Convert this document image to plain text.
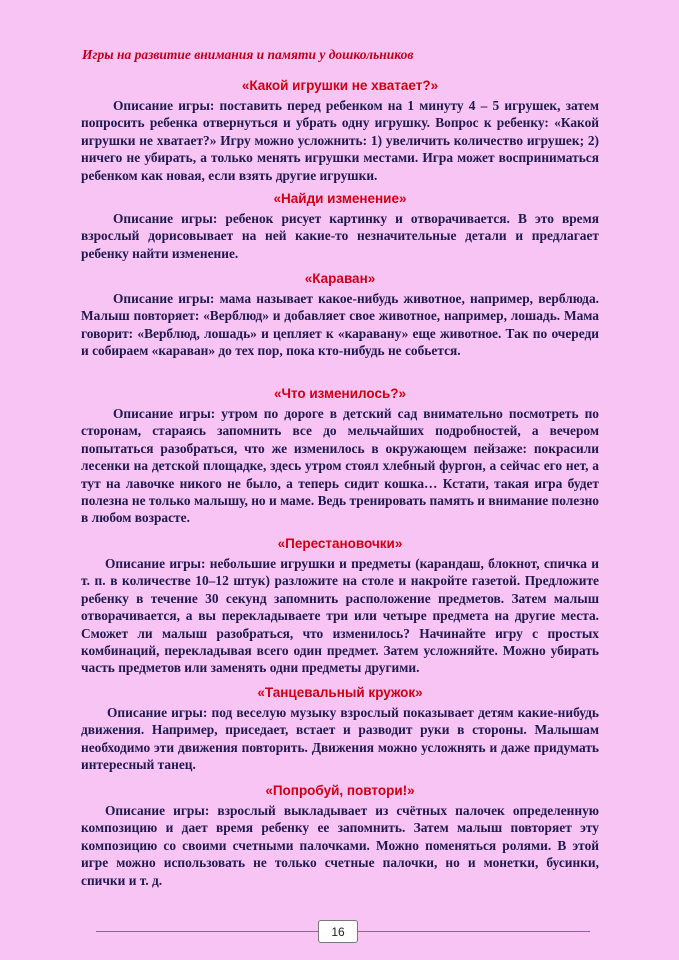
Игры на развитие внимания и памяти у дошкольников
«Какой игрушки не хватает?»

Описание игры: поставить перед ребенком на 1 минуту 4 – 5 игрушек, затем попросить ребенка отвернуться и убрать одну игрушку. Вопрос к ребенку: «Какой игрушки не хватает?» Игру можно усложнить: 1) увеличить количество игрушек; 2) ничего не убирать, а только менять игрушки местами. Игра может восприниматься ребенком как новая, если взять другие игрушки.

«Найди изменение»

Описание игры: ребенок рисует картинку и отворачивается. В это время взрослый дорисовывает на ней какие-то незначительные детали и предлагает ребенку найти изменение.

«Караван»

Описание игры: мама называет какое-нибудь животное, например, верблюда. Малыш повторяет: «Верблюд» и добавляет свое животное, например, лошадь. Мама говорит: «Верблюд, лошадь» и цепляет к «каравану» еще животное. Так по очереди и собираем «караван» до тех пор, пока кто-нибудь не собьется.

«Что изменилось?»

Описание игры: утром по дороге в детский сад внимательно посмотреть по сторонам, стараясь запомнить все до мельчайших подробностей, а вечером попытаться разобраться, что же изменилось в окружающем пейзаже: покрасили лесенки на детской площадке, здесь утром стоял хлебный фургон, а сейчас его нет, а тут на лавочке никого не было, а теперь сидит кошка… Кстати, такая игра будет полезна не только малышу, но и маме. Ведь тренировать память и внимание полезно в любом возрасте.

«Перестановочки»

Описание игры: небольшие игрушки и предметы (карандаш, блокнот, спичка и т. п. в количестве 10–12 штук) разложите на столе и накройте газетой. Предложите ребенку в течение 30 секунд запомнить расположение предметов. Затем малыш отворачивается, а вы перекладываете три или четыре предмета на другие места. Сможет ли малыш разобраться, что изменилось? Начинайте игру с простых комбинаций, перекладывая всего один предмет. Затем усложняйте. Можно убирать часть предметов или заменять одни предметы другими.

«Танцевальный кружок»

Описание игры: под веселую музыку взрослый показывает детям какие-нибудь движения. Например, приседает, встает и разводит руки в стороны. Малышам необходимо эти движения повторить. Движения можно усложнять и даже придумать интересный танец.

«Попробуй, повтори!»

Описание игры: взрослый выкладывает из счётных палочек определенную композицию и дает время ребенку ее запомнить. Затем малыш повторяет эту композицию со своими счетными палочками. Можно поменяться ролями. В этой игре можно использовать не только счетные палочки, но и монетки, бусинки, спички и т. д.

16
